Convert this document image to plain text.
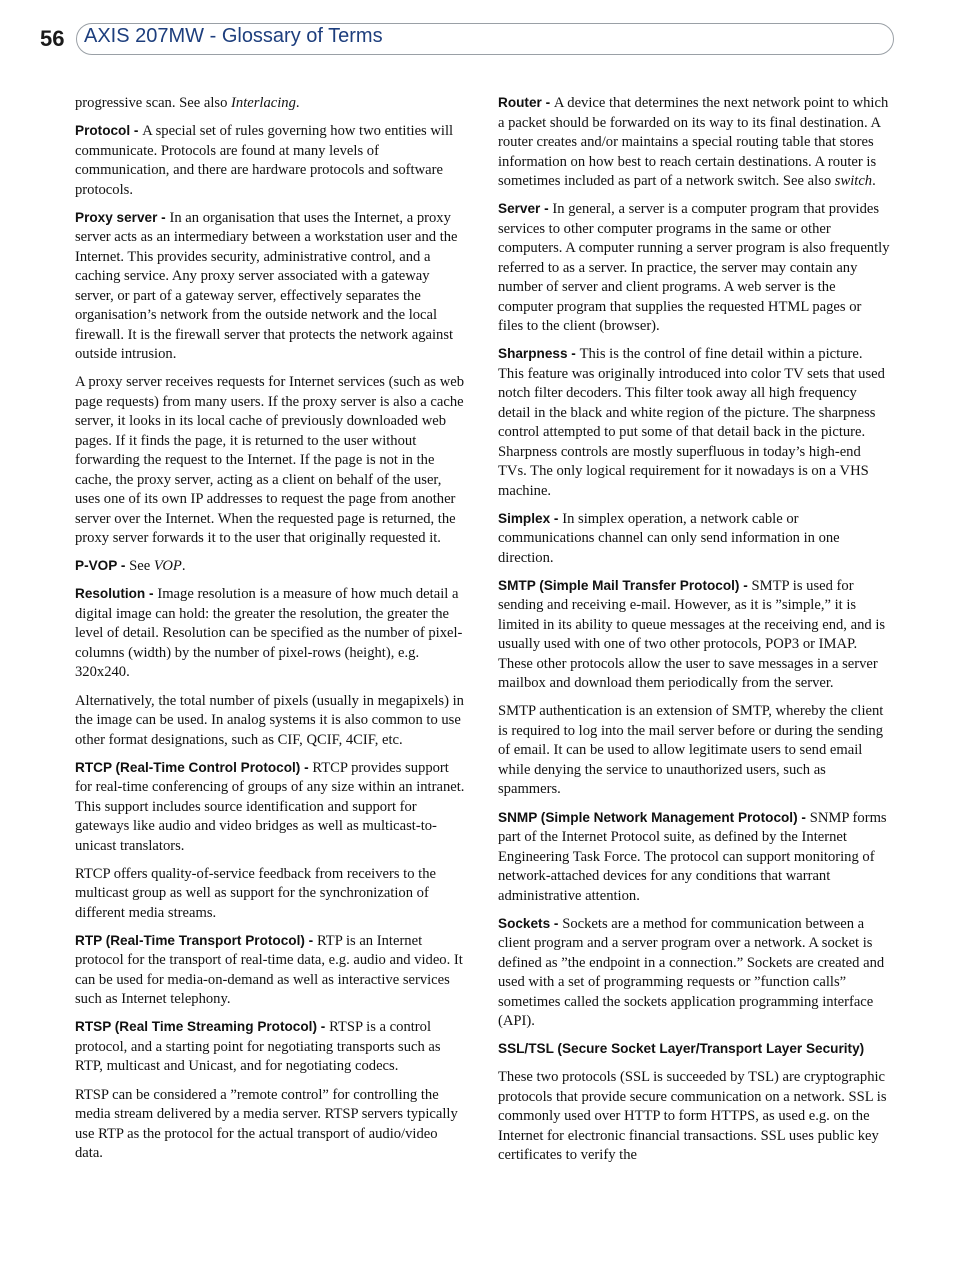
56 AXIS 207MW - Glossary of Terms

progressive scan. See also Interlacing.

Protocol - A special set of rules governing how two entities will communicate. Protocols are found at many levels of communication, and there are hardware protocols and software protocols.

Proxy server - In an organisation that uses the Internet, a proxy server acts as an intermediary between a workstation user and the Internet. This provides security, administrative control, and a caching service. Any proxy server associated with a gateway server, or part of a gateway server, effectively separates the organisation’s network from the outside network and the local firewall. It is the firewall server that protects the network against outside intrusion.

A proxy server receives requests for Internet services (such as web page requests) from many users. If the proxy server is also a cache server, it looks in its local cache of previously downloaded web pages. If it finds the page, it is returned to the user without forwarding the request to the Internet. If the page is not in the cache, the proxy server, acting as a client on behalf of the user, uses one of its own IP addresses to request the page from another server over the Internet. When the requested page is returned, the proxy server forwards it to the user that originally requested it.

P-VOP - See VOP.

Resolution - Image resolution is a measure of how much detail a digital image can hold: the greater the resolution, the greater the level of detail. Resolution can be specified as the number of pixel-columns (width) by the number of pixel-rows (height), e.g. 320x240.

Alternatively, the total number of pixels (usually in megapixels) in the image can be used. In analog systems it is also common to use other format designations, such as CIF, QCIF, 4CIF, etc.

RTCP (Real-Time Control Protocol) - RTCP provides support for real-time conferencing of groups of any size within an intranet. This support includes source identification and support for gateways like audio and video bridges as well as multicast-to-unicast translators.

RTCP offers quality-of-service feedback from receivers to the multicast group as well as support for the synchronization of different media streams.

RTP (Real-Time Transport Protocol) - RTP is an Internet protocol for the transport of real-time data, e.g. audio and video. It can be used for media-on-demand as well as interactive services such as Internet telephony.

RTSP (Real Time Streaming Protocol) - RTSP is a control protocol, and a starting point for negotiating transports such as RTP, multicast and Unicast, and for negotiating codecs.

RTSP can be considered a ”remote control” for controlling the media stream delivered by a media server. RTSP servers typically use RTP as the protocol for the actual transport of audio/video data.

Router - A device that determines the next network point to which a packet should be forwarded on its way to its final destination. A router creates and/or maintains a special routing table that stores information on how best to reach certain destinations. A router is sometimes included as part of a network switch. See also switch.

Server - In general, a server is a computer program that provides services to other computer programs in the same or other computers. A computer running a server program is also frequently referred to as a server. In practice, the server may contain any number of server and client programs. A web server is the computer program that supplies the requested HTML pages or files to the client (browser).

Sharpness - This is the control of fine detail within a picture. This feature was originally introduced into color TV sets that used notch filter decoders. This filter took away all high frequency detail in the black and white region of the picture. The sharpness control attempted to put some of that detail back in the picture. Sharpness controls are mostly superfluous in today’s high-end TVs. The only logical requirement for it nowadays is on a VHS machine.

Simplex - In simplex operation, a network cable or communications channel can only send information in one direction.

SMTP (Simple Mail Transfer Protocol) - SMTP is used for sending and receiving e-mail. However, as it is ”simple,” it is limited in its ability to queue messages at the receiving end, and is usually used with one of two other protocols, POP3 or IMAP. These other protocols allow the user to save messages in a server mailbox and download them periodically from the server.

SMTP authentication is an extension of SMTP, whereby the client is required to log into the mail server before or during the sending of email. It can be used to allow legitimate users to send email while denying the service to unauthorized users, such as spammers.

SNMP (Simple Network Management Protocol) - SNMP forms part of the Internet Protocol suite, as defined by the Internet Engineering Task Force. The protocol can support monitoring of network-attached devices for any conditions that warrant administrative attention.

Sockets - Sockets are a method for communication between a client program and a server program over a network. A socket is defined as ”the endpoint in a connection.” Sockets are created and used with a set of programming requests or ”function calls” sometimes called the sockets application programming interface (API).

SSL/TSL (Secure Socket Layer/Transport Layer Security)

These two protocols (SSL is succeeded by TSL) are cryptographic protocols that provide secure communication on a network. SSL is commonly used over HTTP to form HTTPS, as used e.g. on the Internet for electronic financial transactions. SSL uses public key certificates to verify the
